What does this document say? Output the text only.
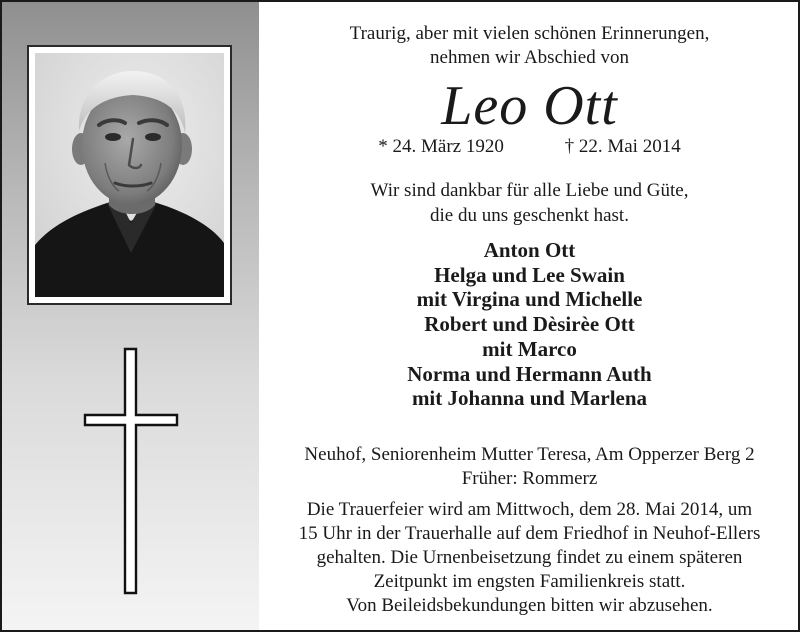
Traurig, aber mit vielen schönen Erinnerungen,
nehmen wir Abschied von
Leo Ott
* 24. März 1920	† 22. Mai 2014
Wir sind dankbar für alle Liebe und Güte,
die du uns geschenkt hast.
Anton Ott
Helga und Lee Swain
mit Virgina und Michelle
Robert und Dèsirèe Ott
mit Marco
Norma und Hermann Auth
mit Johanna und Marlena
Neuhof, Seniorenheim Mutter Teresa, Am Opperzer Berg 2
Früher: Rommerz
Die Trauerfeier wird am Mittwoch, dem 28. Mai 2014, um
15 Uhr in der Trauerhalle auf dem Friedhof in Neuhof-Ellers
gehalten. Die Urnenbeisetzung findet zu einem späteren
Zeitpunkt im engsten Familienkreis statt.
Von Beileidsbekundungen bitten wir abzusehen.
